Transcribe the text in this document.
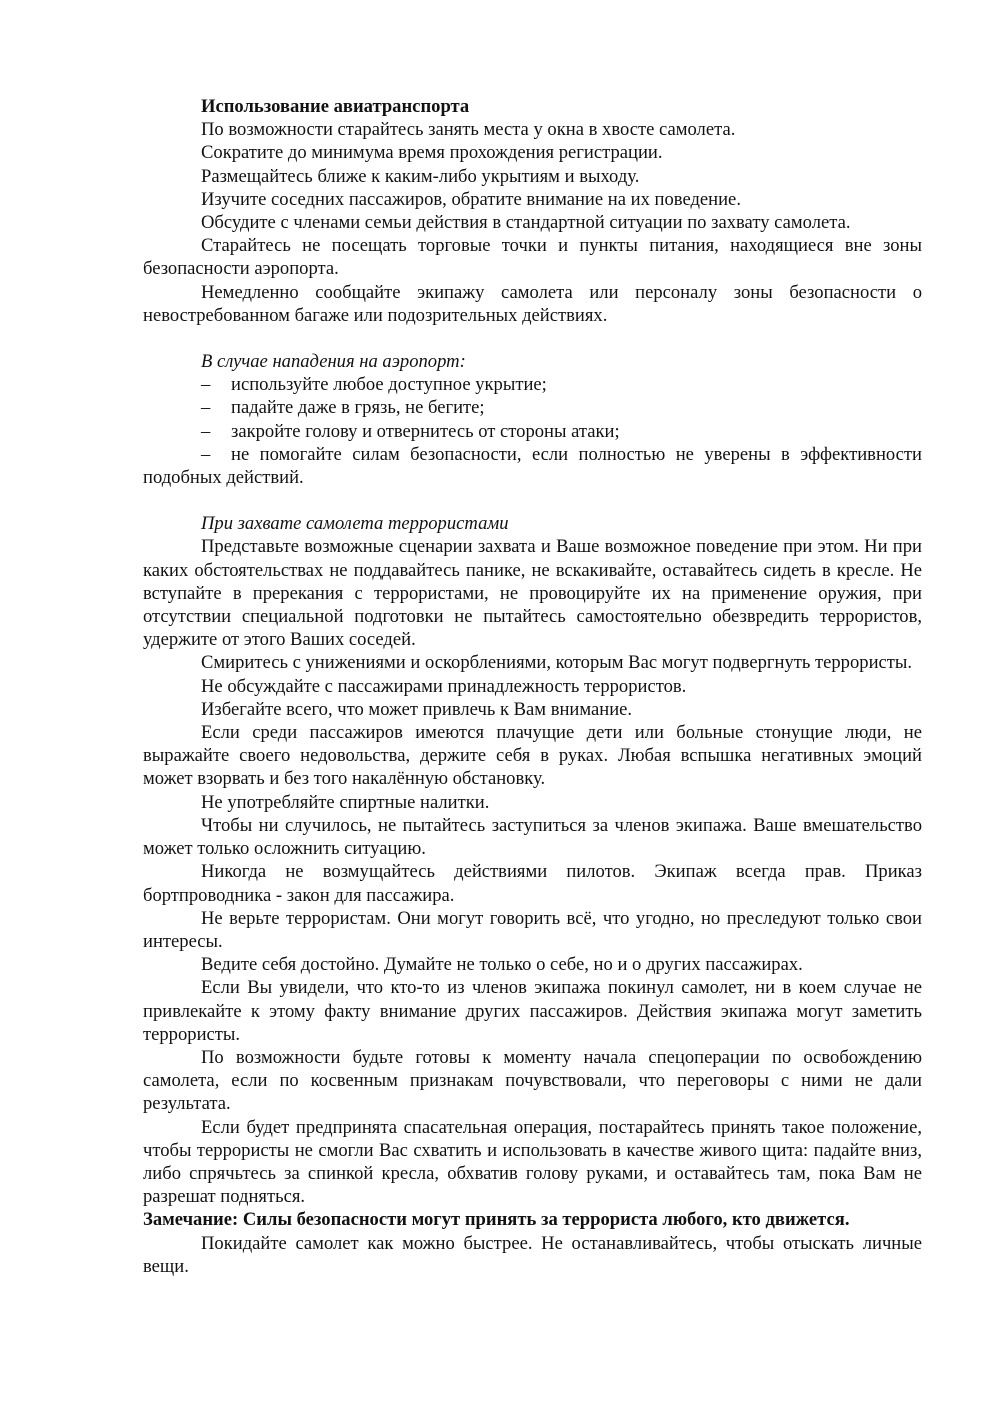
Использование авиатранспорта

По возможности старайтесь занять места у окна в хвосте самолета.

Сократите до минимума время прохождения регистрации.

Размещайтесь ближе к каким-либо укрытиям и выходу.

Изучите соседних пассажиров, обратите внимание на их поведение.

Обсудите с членами семьи действия в стандартной ситуации по захвату самолета.

Старайтесь не посещать торговые точки и пункты питания, находящиеся вне зоны безопасности аэропорта.

Немедленно сообщайте экипажу самолета или персоналу зоны безопасности о невостребованном багаже или подозрительных действиях.

В случае нападения на аэропорт:

– используйте любое доступное укрытие;

– падайте даже в грязь, не бегите;

– закройте голову и отвернитесь от стороны атаки;

– не помогайте силам безопасности, если полностью не уверены в эффективности подобных действий.

При захвате самолета террористами

Представьте возможные сценарии захвата и Ваше возможное поведение при этом. Ни при каких обстоятельствах не поддавайтесь панике, не вскакивайте, оставайтесь сидеть в кресле. Не вступайте в пререкания с террористами, не провоцируйте их на применение оружия, при отсутствии специальной подготовки не пытайтесь самостоятельно обезвредить террористов, удержите от этого Ваших соседей.

Смиритесь с унижениями и оскорблениями, которым Вас могут подвергнуть террористы.

Не обсуждайте с пассажирами принадлежность террористов.

Избегайте всего, что может привлечь к Вам внимание.

Если среди пассажиров имеются плачущие дети или больные стонущие люди, не выражайте своего недовольства, держите себя в руках. Любая вспышка негативных эмоций может взорвать и без того накалённую обстановку.

Не употребляйте спиртные налитки.

Чтобы ни случилось, не пытайтесь заступиться за членов экипажа. Ваше вмешательство может только осложнить ситуацию.

Никогда не возмущайтесь действиями пилотов. Экипаж всегда прав. Приказ бортпроводника - закон для пассажира.

Не верьте террористам. Они могут говорить всё, что угодно, но преследуют только свои интересы.

Ведите себя достойно. Думайте не только о себе, но и о других пассажирах.

Если Вы увидели, что кто-то из членов экипажа покинул самолет, ни в коем случае не привлекайте к этому факту внимание других пассажиров. Действия экипажа могут заметить террористы.

По возможности будьте готовы к моменту начала спецоперации по освобождению самолета, если по косвенным признакам почувствовали, что переговоры с ними не дали результата.

Если будет предпринята спасательная операция, постарайтесь принять такое положение, чтобы террористы не смогли Вас схватить и использовать в качестве живого щита: падайте вниз, либо спрячьтесь за спинкой кресла, обхватив голову руками, и оставайтесь там, пока Вам не разрешат подняться.

Замечание: Силы безопасности могут принять за террориста любого, кто движется.

Покидайте самолет как можно быстрее. Не останавливайтесь, чтобы отыскать личные вещи.
